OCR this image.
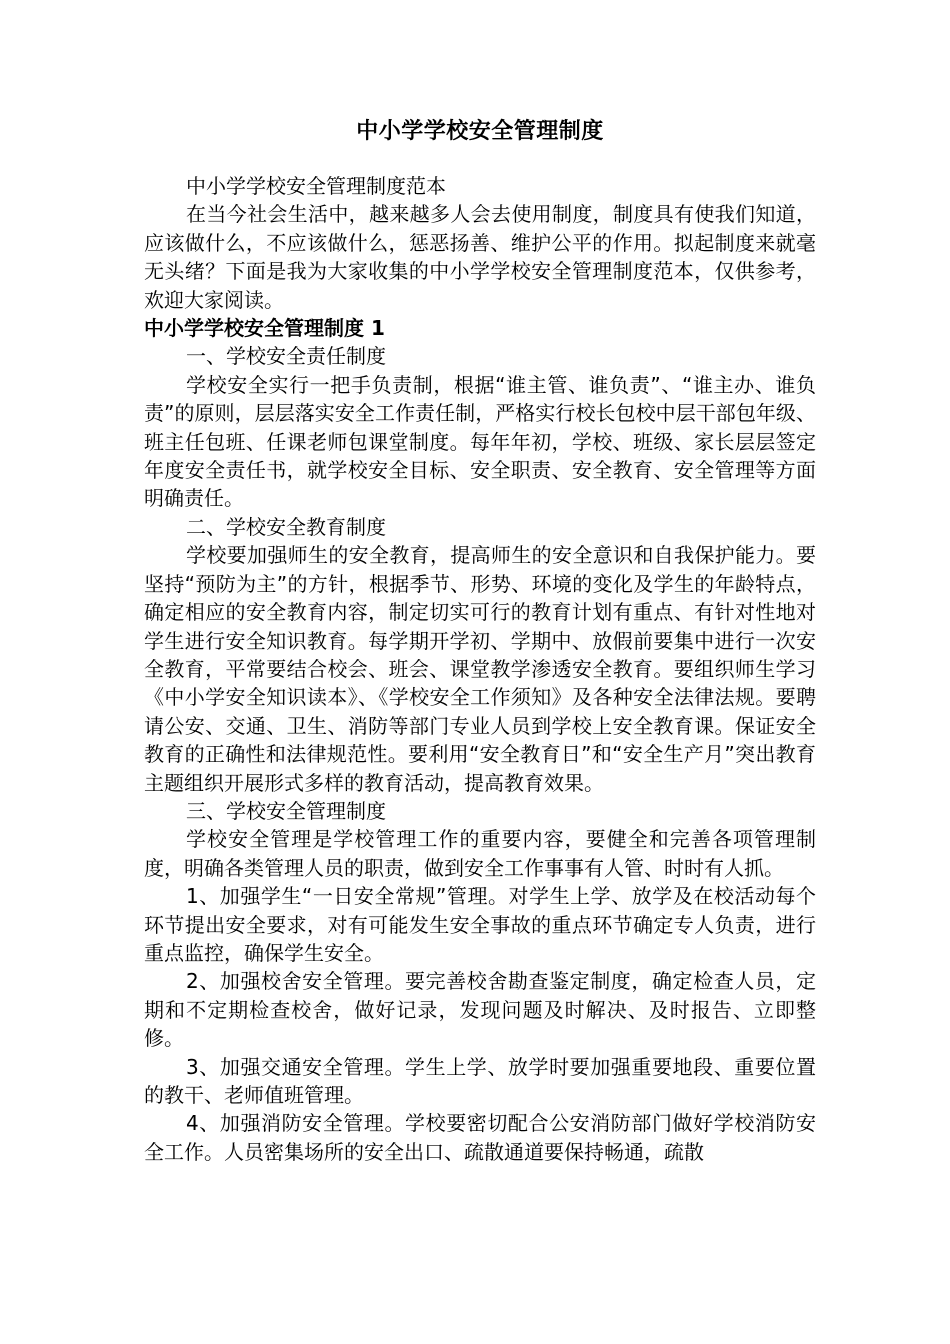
中小学学校安全管理制度

中小学学校安全管理制度范本

在当今社会生活中，越来越多人会去使用制度，制度具有使我们知道，应该做什么，不应该做什么，惩恶扬善、维护公平的作用。拟起制度来就毫无头绪？下面是我为大家收集的中小学学校安全管理制度范本，仅供参考，欢迎大家阅读。

中小学学校安全管理制度 1

一、学校安全责任制度

学校安全实行一把手负责制，根据“谁主管、谁负责”、“谁主办、谁负责”的原则，层层落实安全工作责任制，严格实行校长包校中层干部包年级、班主任包班、任课老师包课堂制度。每年年初，学校、班级、家长层层签定年度安全责任书，就学校安全目标、安全职责、安全教育、安全管理等方面明确责任。

二、学校安全教育制度

学校要加强师生的安全教育，提高师生的安全意识和自我保护能力。要坚持“预防为主”的方针，根据季节、形势、环境的变化及学生的年龄特点，确定相应的安全教育内容，制定切实可行的教育计划有重点、有针对性地对学生进行安全知识教育。每学期开学初、学期中、放假前要集中进行一次安全教育，平常要结合校会、班会、课堂教学渗透安全教育。要组织师生学习《中小学安全知识读本》、《学校安全工作须知》及各种安全法律法规。要聘请公安、交通、卫生、消防等部门专业人员到学校上安全教育课。保证安全教育的正确性和法律规范性。要利用“安全教育日”和“安全生产月”突出教育主题组织开展形式多样的教育活动，提高教育效果。

三、学校安全管理制度

学校安全管理是学校管理工作的重要内容，要健全和完善各项管理制度，明确各类管理人员的职责，做到安全工作事事有人管、时时有人抓。

1、加强学生“一日安全常规”管理。对学生上学、放学及在校活动每个环节提出安全要求，对有可能发生安全事故的重点环节确定专人负责，进行重点监控，确保学生安全。

2、加强校舍安全管理。要完善校舍勘查鉴定制度，确定检查人员，定期和不定期检查校舍，做好记录，发现问题及时解决、及时报告、立即整修。

3、加强交通安全管理。学生上学、放学时要加强重要地段、重要位置的教干、老师值班管理。

4、加强消防安全管理。学校要密切配合公安消防部门做好学校消防安全工作。人员密集场所的安全出口、疏散通道要保持畅通，疏散
